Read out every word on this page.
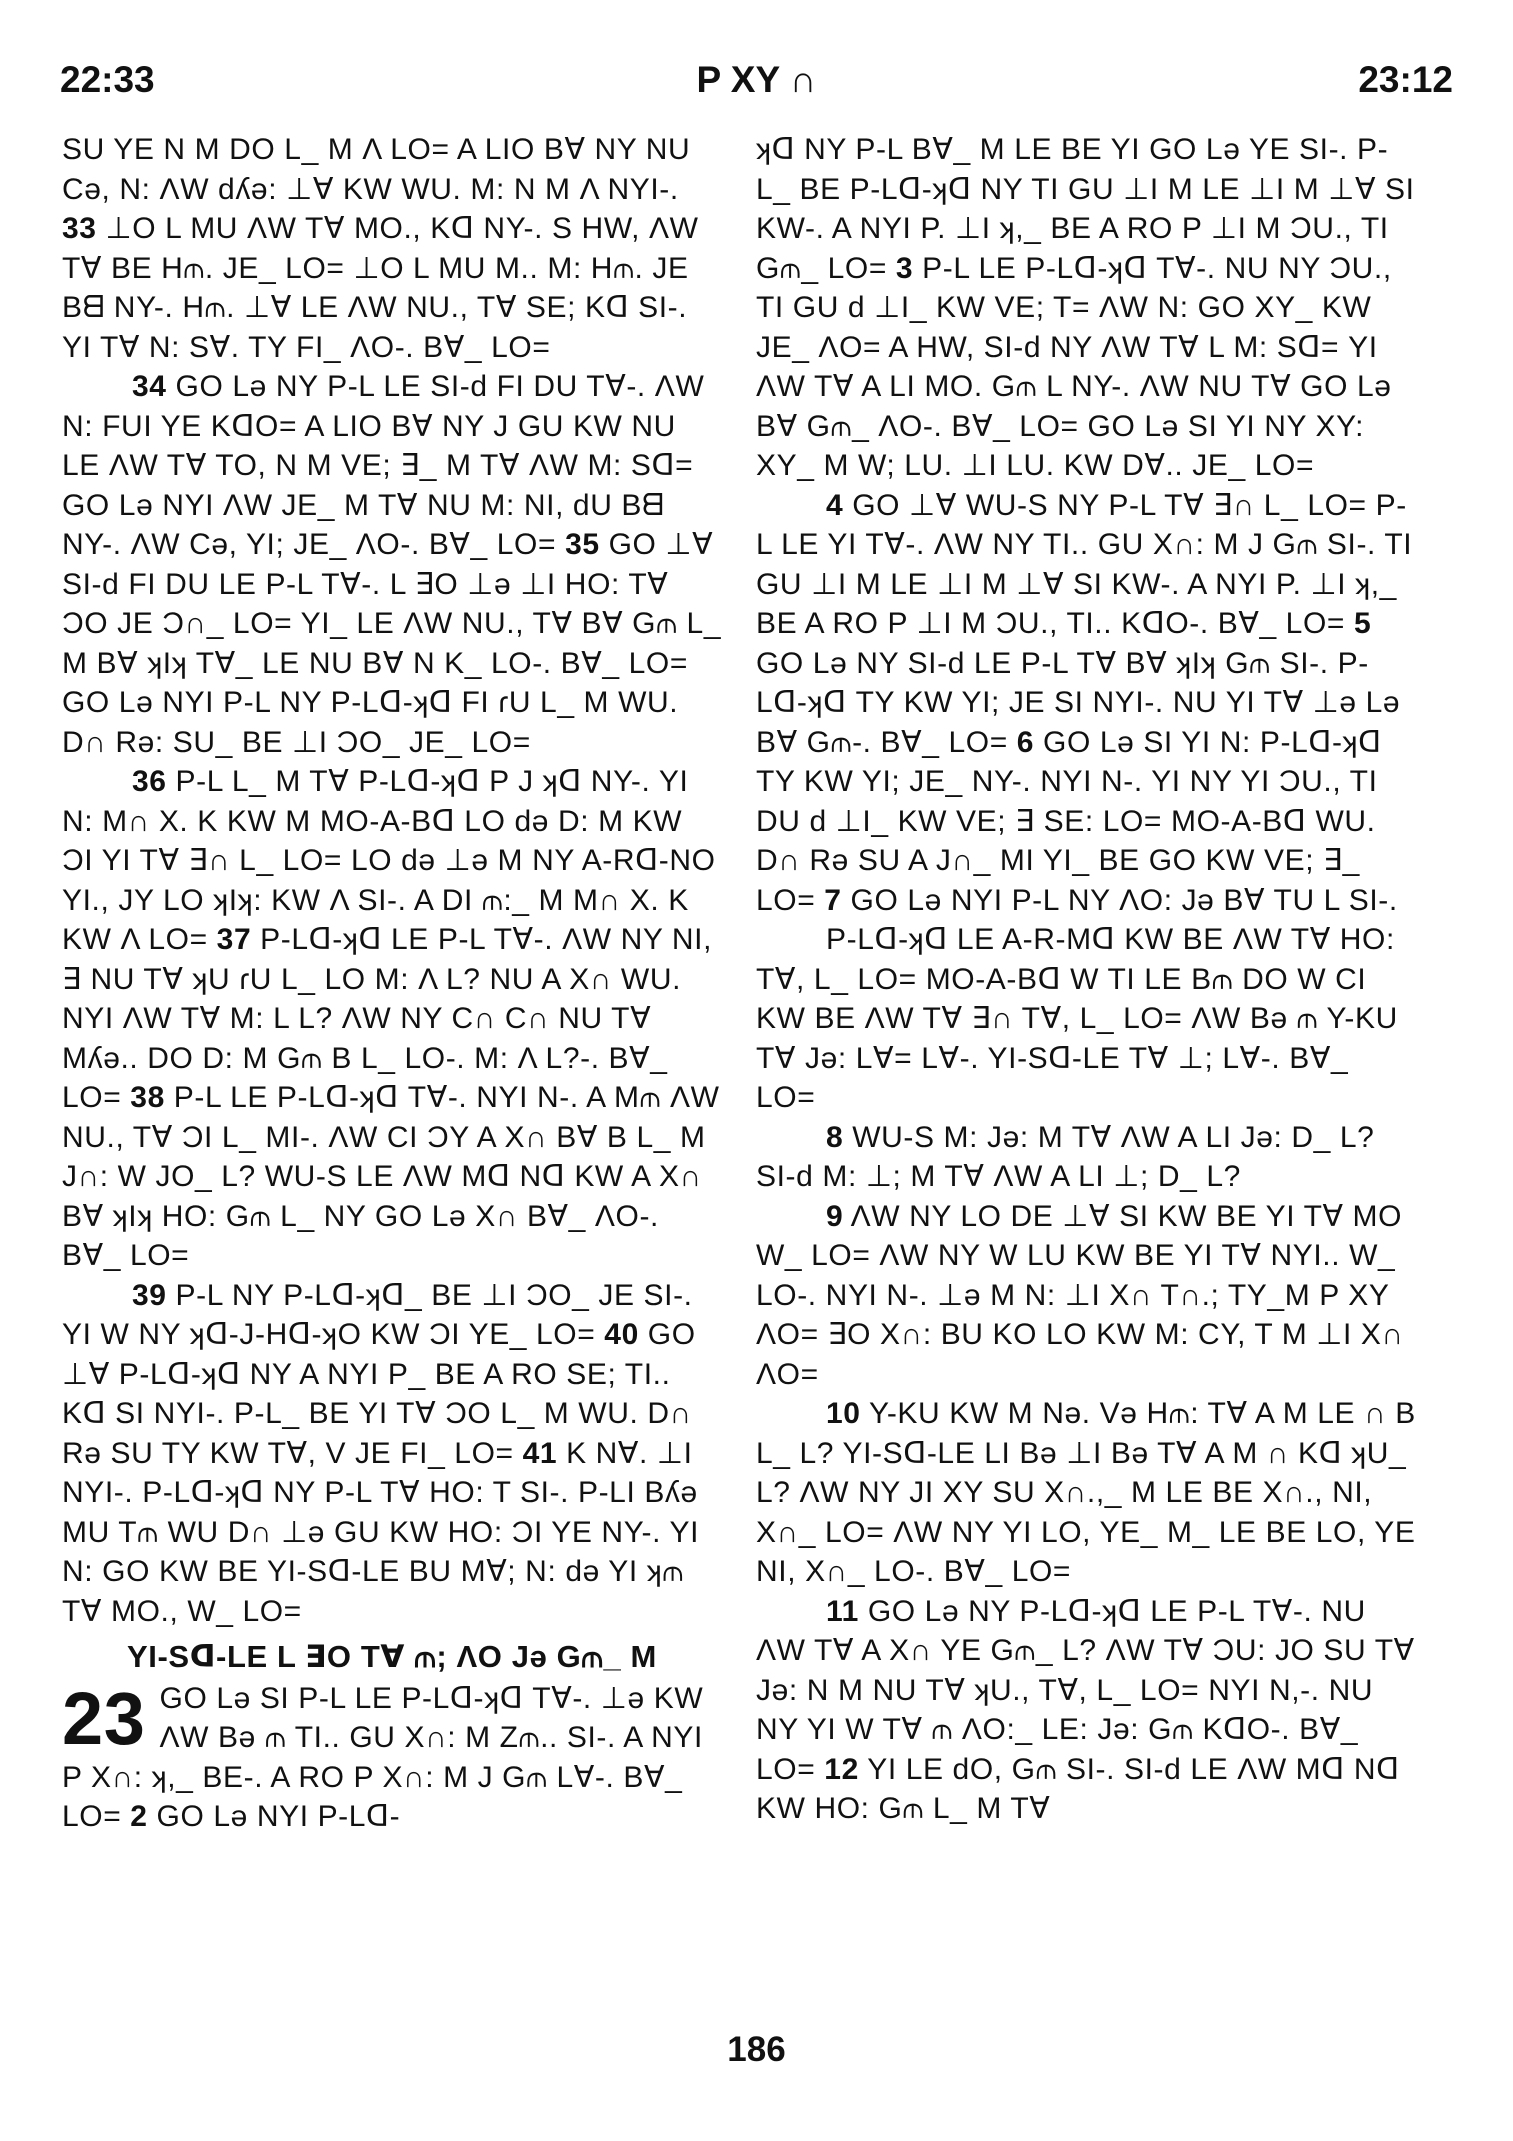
22:33	P XY ∩	23:12

SU YE N M DO L_ M Λ LO= A LIO B∀ NY NU Cǝ, N: ΛW dʎǝ: ⊥∀ KW WU. M: N M Λ NYI-. 33 ⊥O L MU ΛW T∀ MO., Kᗡ NY-. S HW, ΛW T∀ BE H⫙. JE_ LO= ⊥O L MU M.. M: H⫙. JE Bᗺ NY-. H⫙. ⊥∀ LE ΛW NU., T∀ SE; Kᗡ SI-. YI T∀ N: S∀. TY FI_ ΛO-. B∀_ LO=

34 GO Lǝ NY P-L LE SI-d FI DU T∀-. ΛW N: FUI YE KᗡO= A LIO B∀ NY J GU KW NU LE ΛW T∀ TO, N M VE; ∃_ M T∀ ΛW M: Sᗡ= GO Lǝ NYI ΛW JE_ M T∀ NU M: NI, dU Bᗺ NY-. ΛW Cǝ, YI; JE_ ΛO-. B∀_ LO= 35 GO ⊥∀ SI-d FI DU LE P-L T∀-. L ∃O ⊥ǝ ⊥I HO: T∀ ƆO JE Ɔ∩_ LO= YI_ LE ΛW NU., T∀ B∀ G⫙ L_ M B∀ ʞIʞ T∀_ LE NU B∀ N K_ LO-. B∀_ LO= GO Lǝ NYI P-L NY P-Lᗡ-ʞᗡ FI ɾU L_ M WU. D∩ Rǝ: SU_ BE ⊥I ƆO_ JE_ LO=

36 P-L L_ M T∀ P-Lᗡ-ʞᗡ P J ʞᗡ NY-. YI N: M∩ X. K KW M MO-A-Bᗡ LO dǝ D: M KW ƆI YI T∀ ∃∩ L_ LO= LO dǝ ⊥ǝ M NY A-Rᗡ-NO YI., JY LO ʞIʞ: KW Λ SI-. A DI ⫙:_ M M∩ X. K KW Λ LO= 37 P-Lᗡ-ʞᗡ LE P-L T∀-. ΛW NY NI, ∃ NU T∀ ʞU ɾU L_ LO M: Λ L? NU A X∩ WU. NYI ΛW T∀ M: L L? ΛW NY C∩ C∩ NU T∀ Mʎǝ.. DO D: M G⫙ B L_ LO-. M: Λ L?-. B∀_ LO= 38 P-L LE P-Lᗡ-ʞᗡ T∀-. NYI N-. A M⫙ ΛW NU., T∀ ƆI L_ MI-. ΛW CI ƆY A X∩ B∀ B L_ M J∩: W JO_ L? WU-S LE ΛW Mᗡ Nᗡ KW A X∩ B∀ ʞIʞ HO: G⫙ L_ NY GO Lǝ X∩ B∀_ ΛO-. B∀_ LO=

39 P-L NY P-Lᗡ-ʞᗡ_ BE ⊥I ƆO_ JE SI-. YI W NY ʞᗡ-J-Hᗡ-ʞO KW ƆI YE_ LO= 40 GO ⊥∀ P-Lᗡ-ʞᗡ NY A NYI P_ BE A RO SE; TI.. Kᗡ SI NYI-. P-L_ BE YI T∀ ƆO L_ M WU. D∩ Rǝ SU TY KW T∀, V JE FI_ LO= 41 K N∀. ⊥I NYI-. P-Lᗡ-ʞᗡ NY P-L T∀ HO: T SI-. P-LI Bʎǝ MU T⫙ WU D∩ ⊥ǝ GU KW HO: ƆI YE NY-. YI N: GO KW BE YI-Sᗡ-LE BU M∀; N: dǝ YI ʞ⫙ T∀ MO., W_ LO=

YI-Sᗡ-LE L ∃O T∀ ⫙; ΛO Jǝ G⫙_ M

23 GO Lǝ SI P-L LE P-Lᗡ-ʞᗡ T∀-. ⊥ǝ KW ΛW Bǝ ⫙ TI.. GU X∩: M Z⫙.. SI-. A NYI P X∩: ʞ,_ BE-. A RO P X∩: M J G⫙ L∀-. B∀_ LO= 2 GO Lǝ NYI P-Lᗡ-

ʞᗡ NY P-L B∀_ M LE BE YI GO Lǝ YE SI-. P-L_ BE P-Lᗡ-ʞᗡ NY TI GU ⊥I M LE ⊥I M ⊥∀ SI KW-. A NYI P. ⊥I ʞ,_ BE A RO P ⊥I M ƆU., TI G⫙_ LO= 3 P-L LE P-Lᗡ-ʞᗡ T∀-. NU NY ƆU., TI GU d ⊥I_ KW VE; T= ΛW N: GO XY_ KW JE_ ΛO= A HW, SI-d NY ΛW T∀ L M: Sᗡ= YI ΛW T∀ A LI MO. G⫙ L NY-. ΛW NU T∀ GO Lǝ B∀ G⫙_ ΛO-. B∀_ LO= GO Lǝ SI YI NY XY: XY_ M W; LU. ⊥I LU. KW D∀.. JE_ LO=

4 GO ⊥∀ WU-S NY P-L T∀ ∃∩ L_ LO= P-L LE YI T∀-. ΛW NY TI.. GU X∩: M J G⫙ SI-. TI GU ⊥I M LE ⊥I M ⊥∀ SI KW-. A NYI P. ⊥I ʞ,_ BE A RO P ⊥I M ƆU., TI.. KᗡO-. B∀_ LO= 5 GO Lǝ NY SI-d LE P-L T∀ B∀ ʞIʞ G⫙ SI-. P-Lᗡ-ʞᗡ TY KW YI; JE SI NYI-. NU YI T∀ ⊥ǝ Lǝ B∀ G⫙-. B∀_ LO= 6 GO Lǝ SI YI N: P-Lᗡ-ʞᗡ TY KW YI; JE_ NY-. NYI N-. YI NY YI ƆU., TI DU d ⊥I_ KW VE; ∃ SE: LO= MO-A-Bᗡ WU. D∩ Rǝ SU A J∩_ MI YI_ BE GO KW VE; ∃_ LO= 7 GO Lǝ NYI P-L NY ΛO: Jǝ B∀ TU L SI-.

P-Lᗡ-ʞᗡ LE A-R-Mᗡ KW BE ΛW T∀ HO: T∀, L_ LO= MO-A-Bᗡ W TI LE B⫙ DO W CI KW BE ΛW T∀ ∃∩ T∀, L_ LO= ΛW Bǝ ⫙ Y-KU T∀ Jǝ: L∀= L∀-. YI-Sᗡ-LE T∀ ⊥; L∀-. B∀_ LO=

8 WU-S M: Jǝ: M T∀ ΛW A LI Jǝ: D_ L? SI-d M: ⊥; M T∀ ΛW A LI ⊥; D_ L?

9 ΛW NY LO DE ⊥∀ SI KW BE YI T∀ MO W_ LO= ΛW NY W LU KW BE YI T∀ NYI.. W_ LO-. NYI N-. ⊥ǝ M N: ⊥I X∩ T∩.; TY_M P XY ΛO= ∃O X∩: BU KO LO KW M: CY, T M ⊥I X∩ ΛO=

10 Y-KU KW M Nǝ. Vǝ H⫙: T∀ A M LE ∩ B L_ L? YI-Sᗡ-LE LI Bǝ ⊥I Bǝ T∀ A M ∩ Kᗡ ʞU_ L? ΛW NY JI XY SU X∩.,_ M LE BE X∩., NI, X∩_ LO= ΛW NY YI LO, YE_ M_ LE BE LO, YE NI, X∩_ LO-. B∀_ LO=

11 GO Lǝ NY P-Lᗡ-ʞᗡ LE P-L T∀-. NU ΛW T∀ A X∩ YE G⫙_ L? ΛW T∀ ƆU: JO SU T∀ Jǝ: N M NU T∀ ʞU., T∀, L_ LO= NYI N,-. NU NY YI W T∀ ⫙ ΛO:_ LE: Jǝ: G⫙ KᗡO-. B∀_ LO= 12 YI LE dO, G⫙ SI-. SI-d LE ΛW Mᗡ Nᗡ KW HO: G⫙ L_ M T∀

186
